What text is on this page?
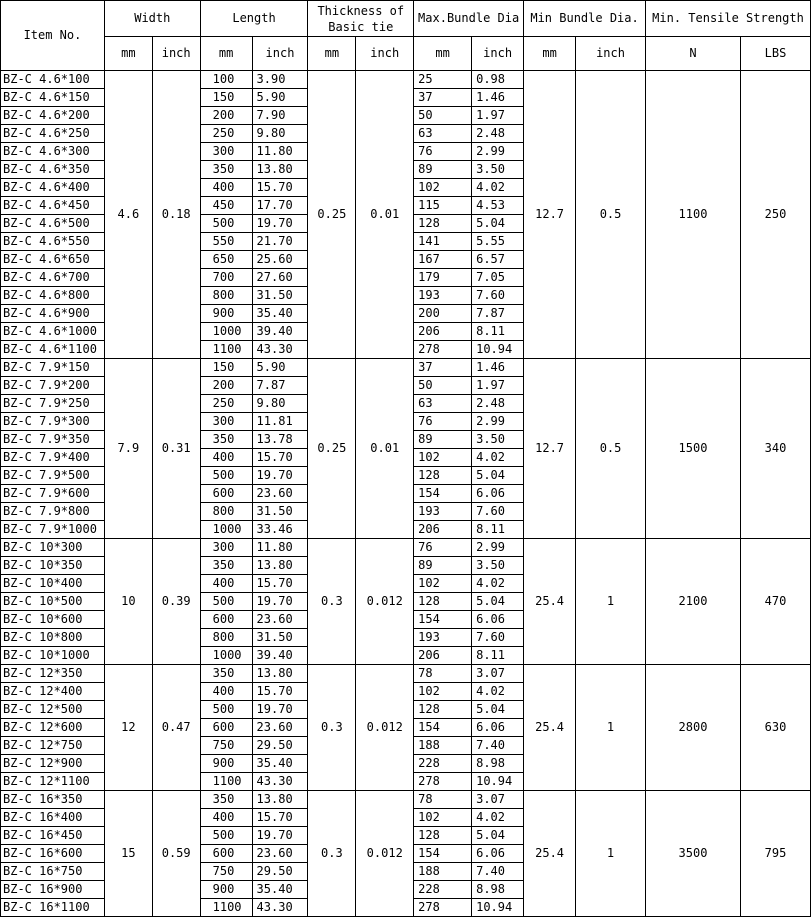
Item No.	Width		Length		Thickness of Basic tie		Max.Bundle Dia		Min Bundle Dia.		Min. Tensile Strength	
	mm	inch	mm	inch	mm	inch	mm	inch	mm	inch	N	LBS
BZ-C 4.6*100	4.6	0.18	100	3.90	0.25	0.01	25	0.98	12.7	0.5	1100	250
BZ-C 4.6*150			150	5.90			37	1.46				
BZ-C 4.6*200			200	7.90			50	1.97				
BZ-C 4.6*250			250	9.80			63	2.48				
BZ-C 4.6*300			300	11.80			76	2.99				
BZ-C 4.6*350			350	13.80			89	3.50				
BZ-C 4.6*400			400	15.70			102	4.02				
BZ-C 4.6*450			450	17.70			115	4.53				
BZ-C 4.6*500			500	19.70			128	5.04				
BZ-C 4.6*550			550	21.70			141	5.55				
BZ-C 4.6*650			650	25.60			167	6.57				
BZ-C 4.6*700			700	27.60			179	7.05				
BZ-C 4.6*800			800	31.50			193	7.60				
BZ-C 4.6*900			900	35.40			200	7.87				
BZ-C 4.6*1000			1000	39.40			206	8.11				
BZ-C 4.6*1100			1100	43.30			278	10.94				
BZ-C 7.9*150	7.9	0.31	150	5.90	0.25	0.01	37	1.46	12.7	0.5	1500	340
BZ-C 7.9*200			200	7.87			50	1.97				
BZ-C 7.9*250			250	9.80			63	2.48				
BZ-C 7.9*300			300	11.81			76	2.99				
BZ-C 7.9*350			350	13.78			89	3.50				
BZ-C 7.9*400			400	15.70			102	4.02				
BZ-C 7.9*500			500	19.70			128	5.04				
BZ-C 7.9*600			600	23.60			154	6.06				
BZ-C 7.9*800			800	31.50			193	7.60				
BZ-C 7.9*1000			1000	33.46			206	8.11				
BZ-C 10*300	10	0.39	300	11.80	0.3	0.012	76	2.99	25.4	1	2100	470
BZ-C 10*350			350	13.80			89	3.50				
BZ-C 10*400			400	15.70			102	4.02				
BZ-C 10*500			500	19.70			128	5.04				
BZ-C 10*600			600	23.60			154	6.06				
BZ-C 10*800			800	31.50			193	7.60				
BZ-C 10*1000			1000	39.40			206	8.11				
BZ-C 12*350	12	0.47	350	13.80	0.3	0.012	78	3.07	25.4	1	2800	630
BZ-C 12*400			400	15.70			102	4.02				
BZ-C 12*500			500	19.70			128	5.04				
BZ-C 12*600			600	23.60			154	6.06				
BZ-C 12*750			750	29.50			188	7.40				
BZ-C 12*900			900	35.40			228	8.98				
BZ-C 12*1100			1100	43.30			278	10.94				
BZ-C 16*350	15	0.59	350	13.80	0.3	0.012	78	3.07	25.4	1	3500	795
BZ-C 16*400			400	15.70			102	4.02				
BZ-C 16*450			500	19.70			128	5.04				
BZ-C 16*600			600	23.60			154	6.06				
BZ-C 16*750			750	29.50			188	7.40				
BZ-C 16*900			900	35.40			228	8.98				
BZ-C 16*1100			1100	43.30			278	10.94				
